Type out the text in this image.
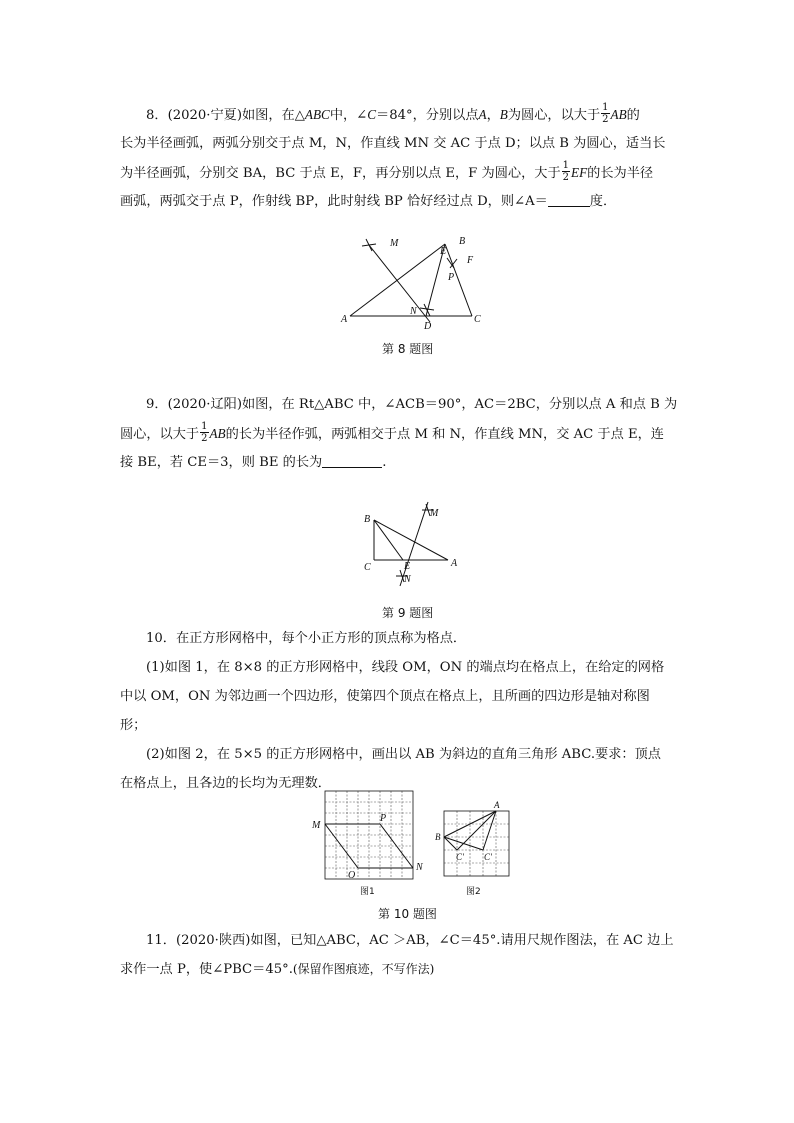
8．(2020·宁夏)如图，在△ABC中，∠C＝84°，分别以点A，B为圆心，以大于 $\frac{1}{2}$ AB的
长为半径画弧，两弧分别交于点 M，N，作直线 MN 交 AC 于点 D；以点 B 为圆心，适当长
为半径画弧，分别交 BA，BC 于点 E，F，再分别以点 E，F 为圆心，大于 $\frac{1}{2}$ EF的长为半径
画弧，两弧交于点 P，作射线 BP，此时射线 BP 恰好经过点 D，则∠A＝	度．
M
E
B
F
P
N
A
D
C
第 8 题图
9．(2020·辽阳)如图，在 Rt△ABC 中，∠ACB＝90°，AC＝2BC，分别以点 A 和点 B 为
圆心，以大于 $\frac{1}{2}$ AB的长为半径作弧，两弧相交于点 M 和 N，作直线 MN，交 AC 于点 E，连
接 BE，若 CE＝3，则 BE 的长为	.
B
M
C	E	A
N
第 9 题图
10．在正方形网格中，每个小正方形的顶点称为格点．
(1)如图 1，在 8×8 的正方形网格中，线段 OM，ON 的端点均在格点上，在给定的网格
中以 OM，ON 为邻边画一个四边形，使第四个顶点在格点上，且所画的四边形是轴对称图
形；
(2)如图 2，在 5×5 的正方形网格中，画出以 AB 为斜边的直角三角形 ABC.要求：顶点
在格点上，且各边的长均为无理数．
M
P
O
N
图1
A
B
C' C'
图2
第 10 题图
11．(2020·陕西)如图，已知△ABC，AC ＞AB，∠C＝45°.请用尺规作图法，在 AC 边上
求作一点 P，使∠PBC＝45°.(保留作图痕迹，不写作法)
